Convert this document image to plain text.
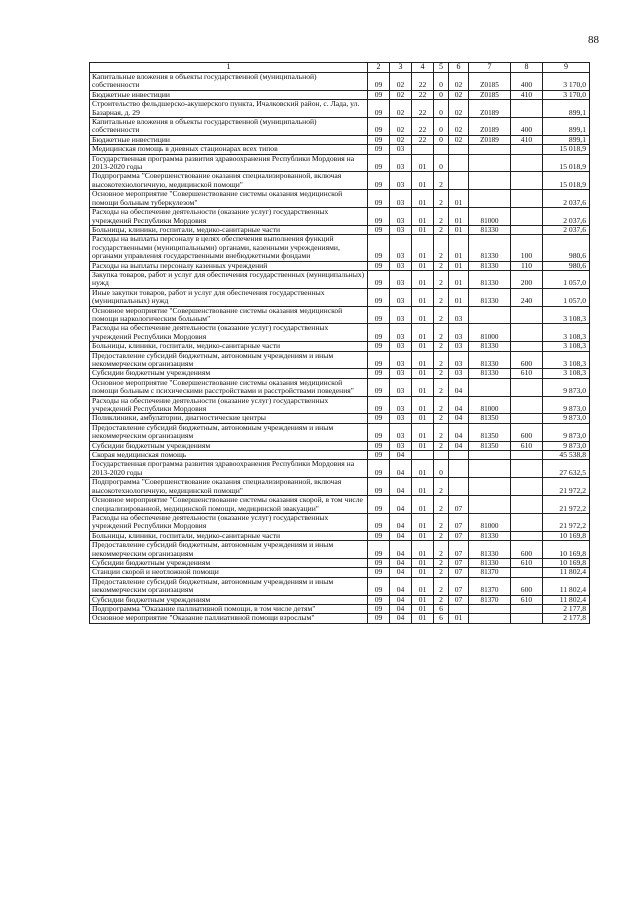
88
1	2	3	4	5	6	7	8	9
Капитальные вложения в объекты государственной (муниципальной) собственности	09	02	22	0	02	Z0185	400	3 170,0
Бюджетные инвестиции	09	02	22	0	02	Z0185	410	3 170,0
Строительство фельдшерско-акушерского пункта, Ичалковский район, с. Лада, ул. Базарная, д. 29	09	02	22	0	02	Z0189		899,1
Капитальные вложения в объекты государственной (муниципальной) собственности	09	02	22	0	02	Z0189	400	899,1
Бюджетные инвестиции	09	02	22	0	02	Z0189	410	899,1
Медицинская помощь в дневных стационарах всех типов	09	03						15 018,9
Государственная программа развития здравоохранения Республики Мордовия на 2013-2020 годы	09	03	01	0				15 018,9
Подпрограмма "Совершенствование оказания специализированной, включая высокотехнологичную, медицинской помощи"	09	03	01	2				15 018,9
Основное мероприятие "Совершенствование системы оказания медицинской помощи больным туберкулезом"	09	03	01	2	01			2 037,6
Расходы на обеспечение деятельности (оказание услуг) государственных учреждений Республики Мордовия	09	03	01	2	01	81000		2 037,6
Больницы, клиники, госпитали, медико-санитарные части	09	03	01	2	01	81330		2 037,6
Расходы на выплаты персоналу в целях обеспечения выполнения функций государственными (муниципальными) органами, казенными учреждениями, органами управления государственными внебюджетными фондами	09	03	01	2	01	81330	100	980,6
Расходы на выплаты персоналу казенных учреждений	09	03	01	2	01	81330	110	980,6
Закупка товаров, работ и услуг для обеспечения государственных (муниципальных) нужд	09	03	01	2	01	81330	200	1 057,0
Иные закупки товаров, работ и услуг для обеспечения государственных (муниципальных) нужд	09	03	01	2	01	81330	240	1 057,0
Основное мероприятие "Совершенствование системы оказания медицинской помощи наркологическим больным"	09	03	01	2	03			3 108,3
Расходы на обеспечение деятельности (оказание услуг) государственных учреждений Республики Мордовия	09	03	01	2	03	81000		3 108,3
Больницы, клиники, госпитали, медико-санитарные части	09	03	01	2	03	81330		3 108,3
Предоставление субсидий бюджетным, автономным учреждениям и иным некоммерческим организациям	09	03	01	2	03	81330	600	3 108,3
Субсидии бюджетным учреждениям	09	03	01	2	03	81330	610	3 108,3
Основное мероприятие "Совершенствование системы оказания медицинской помощи больным с психическими расстройствами и расстройствами поведения"	09	03	01	2	04			9 873,0
Расходы на обеспечение деятельности (оказание услуг) государственных учреждений Республики Мордовия	09	03	01	2	04	81000		9 873,0
Поликлиники, амбулатории, диагностические центры	09	03	01	2	04	81350		9 873,0
Предоставление субсидий бюджетным, автономным учреждениям и иным некоммерческим организациям	09	03	01	2	04	81350	600	9 873,0
Субсидии бюджетным учреждениям	09	03	01	2	04	81350	610	9 873,0
Скорая медицинская помощь	09	04						45 538,8
Государственная программа развития здравоохранения Республики Мордовия на 2013-2020 годы	09	04	01	0				27 632,5
Подпрограмма "Совершенствование оказания специализированной, включая высокотехнологичную, медицинской помощи"	09	04	01	2				21 972,2
Основное мероприятие "Совершенствование системы оказания скорой, в том числе специализированной, медицинской помощи, медицинской эвакуации"	09	04	01	2	07			21 972,2
Расходы на обеспечение деятельности (оказание услуг) государственных учреждений Республики Мордовия	09	04	01	2	07	81000		21 972,2
Больницы, клиники, госпитали, медико-санитарные части	09	04	01	2	07	81330		10 169,8
Предоставление субсидий бюджетным, автономным учреждениям и иным некоммерческим организациям	09	04	01	2	07	81330	600	10 169,8
Субсидии бюджетным учреждениям	09	04	01	2	07	81330	610	10 169,8
Станции скорой и неотложной помощи	09	04	01	2	07	81370		11 802,4
Предоставление субсидий бюджетным, автономным учреждениям и иным некоммерческим организациям	09	04	01	2	07	81370	600	11 802,4
Субсидии бюджетным учреждениям	09	04	01	2	07	81370	610	11 802,4
Подпрограмма "Оказание паллиативной помощи, в том числе детям"	09	04	01	6				2 177,8
Основное мероприятие "Оказание паллиативной помощи взрослым"	09	04	01	6	01			2 177,8
